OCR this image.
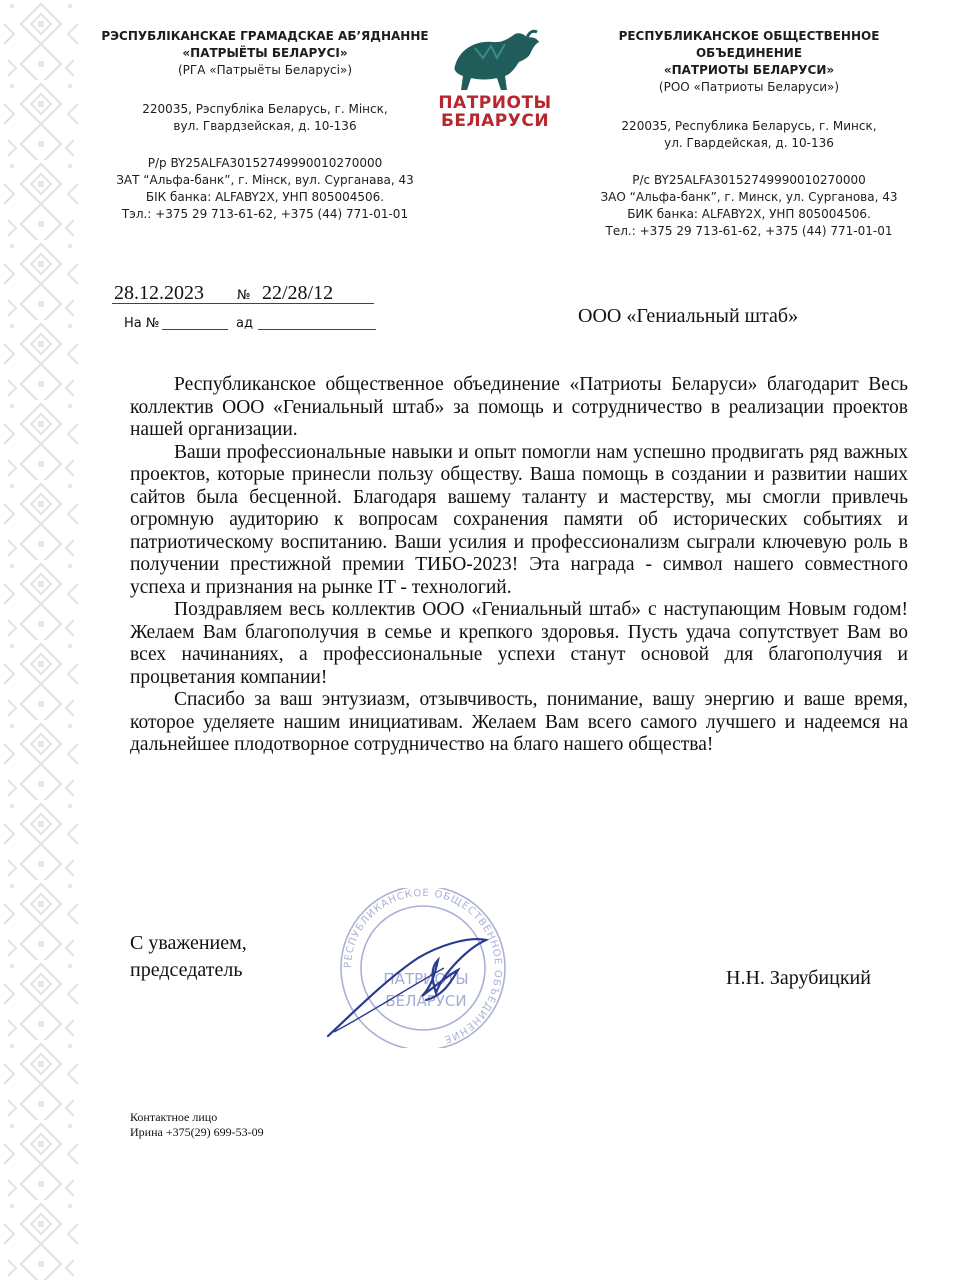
РЭСПУБЛІКАНСКАЕ ГРАМАДСКАЕ АБ’ЯДНАННЕ
«ПАТРЫЁТЫ БЕЛАРУСІ»
(РГА «Патрыёты Беларусі»)
220035, Рэспубліка Беларусь, г. Мінск,
вул. Гвардзейская, д. 10-136
Р/р BY25ALFA30152749990010270000
ЗАТ “Альфа-банк”, г. Мінск, вул. Сурганава, 43
БІК банка: ALFABY2X, УНП 805004506.
Тэл.: +375 29 713-61-62, +375 (44) 771-01-01
РЕСПУБЛИКАНСКОЕ ОБЩЕСТВЕННОЕ ОБЪЕДИНЕНИЕ
«ПАТРИОТЫ БЕЛАРУСИ»
(РОО «Патриоты Беларуси»)
220035, Республика Беларусь, г. Минск,
ул. Гвардейская, д. 10-136
Р/с BY25ALFA30152749990010270000
ЗАО “Альфа-банк”, г. Минск, ул. Сурганова, 43
БИК банка: ALFABY2X, УНП 805004506.
Тел.: +375 29 713-61-62, +375 (44) 771-01-01
ПАТРИОТЫ
БЕЛАРУСИ
28.12.2023	№ 22/28/12
На №	ад	ООО «Гениальный штаб»

Республиканское общественное объединение «Патриоты Беларуси» благодарит Весь коллектив ООО «Гениальный штаб» за помощь и сотрудничество в реализации проектов нашей организации.

Ваши профессиональные навыки и опыт помогли нам успешно продвигать ряд важных проектов, которые принесли пользу обществу. Ваша помощь в создании и развитии наших сайтов была бесценной. Благодаря вашему таланту и мастерству, мы смогли привлечь огромную аудиторию к вопросам сохранения памяти об исторических событиях и патриотическому воспитанию. Ваши усилия и профессионализм сыграли ключевую роль в получении престижной премии ТИБО-2023! Эта награда - символ нашего совместного успеха и признания на рынке IT - технологий.

Поздравляем весь коллектив ООО «Гениальный штаб» с наступающим Новым годом! Желаем Вам благополучия в семье и крепкого здоровья. Пусть удача сопутствует Вам во всех начинаниях, а профессиональные успехи станут основой для благополучия и процветания компании!

Спасибо за ваш энтузиазм, отзывчивость, понимание, вашу энергию и ваше время, которое уделяете нашим инициативам. Желаем Вам всего самого лучшего и надеемся на дальнейшее плодотворное сотрудничество на благо нашего общества!

РЕСПУБЛИКАНСКОЕ ОБЩЕСТВЕННОЕ ОБЪЕДИНЕНИЕ
ПАТРИОТЫ
БЕЛАРУСИ
С уважением,
председатель	Н.Н. Зарубицкий
Контактное лицо
Ирина +375(29) 699-53-09
